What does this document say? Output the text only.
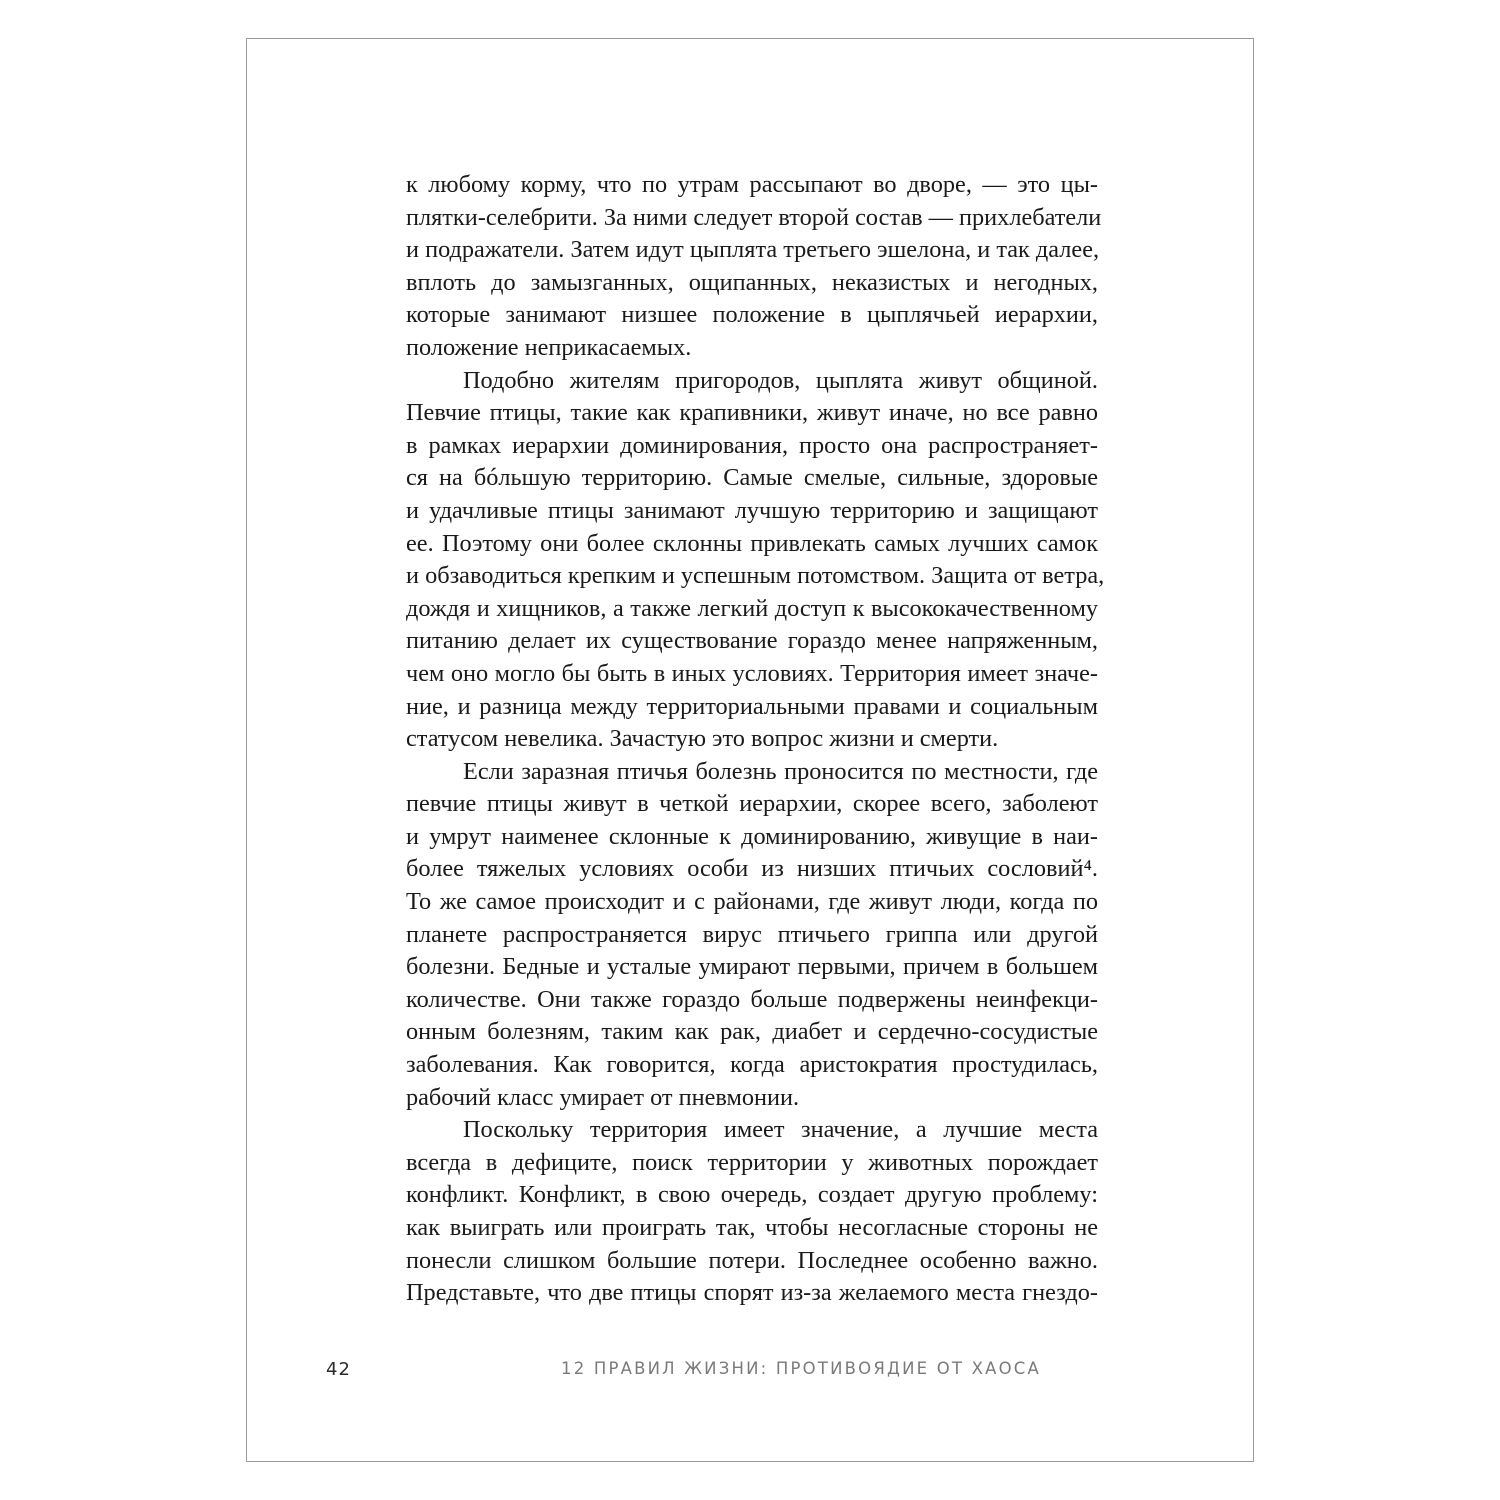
к любому корму, что по утрам рассыпают во дворе, — это цы-
плятки-селебрити. За ними следует второй состав — прихлебатели
и подражатели. Затем идут цыплята третьего эшелона, и так далее,
вплоть до замызганных, ощипанных, неказистых и негодных,
которые занимают низшее положение в цыплячьей иерархии,
положение неприкасаемых.
Подобно жителям пригородов, цыплята живут общиной.
Певчие птицы, такие как крапивники, живут иначе, но все равно
в рамках иерархии доминирования, просто она распространяет-
ся на бóльшую территорию. Самые смелые, сильные, здоровые
и удачливые птицы занимают лучшую территорию и защищают
ее. Поэтому они более склонны привлекать самых лучших самок
и обзаводиться крепким и успешным потомством. Защита от ветра,
дождя и хищников, а также легкий доступ к высококачественному
питанию делает их существование гораздо менее напряженным,
чем оно могло бы быть в иных условиях. Территория имеет значе-
ние, и разница между территориальными правами и социальным
статусом невелика. Зачастую это вопрос жизни и смерти.
Если заразная птичья болезнь проносится по местности, где
певчие птицы живут в четкой иерархии, скорее всего, заболеют
и умрут наименее склонные к доминированию, живущие в наи-
более тяжелых условиях особи из низших птичьих сословий⁴.
То же самое происходит и с районами, где живут люди, когда по
планете распространяется вирус птичьего гриппа или другой
болезни. Бедные и усталые умирают первыми, причем в большем
количестве. Они также гораздо больше подвержены неинфекци-
онным болезням, таким как рак, диабет и сердечно-сосудистые
заболевания. Как говорится, когда аристократия простудилась,
рабочий класс умирает от пневмонии.
Поскольку территория имеет значение, а лучшие места
всегда в дефиците, поиск территории у животных порождает
конфликт. Конфликт, в свою очередь, создает другую проблему:
как выиграть или проиграть так, чтобы несогласные стороны не
понесли слишком большие потери. Последнее особенно важно.
Представьте, что две птицы спорят из-за желаемого места гнездо-
42	12 ПРАВИЛ ЖИЗНИ: ПРОТИВОЯДИЕ ОТ ХАОСА
